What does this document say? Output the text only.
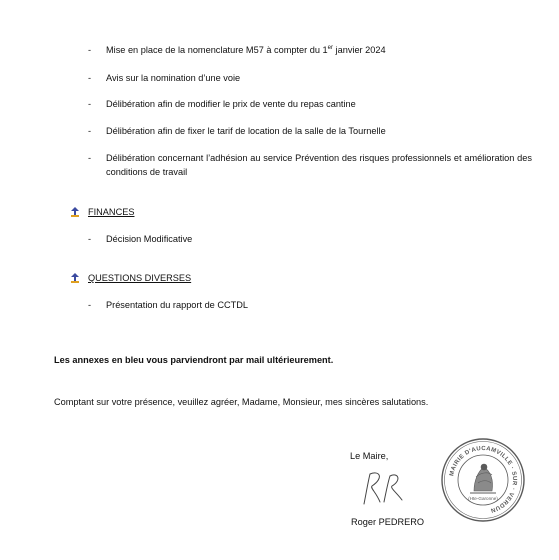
- Mise en place de la nomenclature M57 à compter du 1er janvier 2024
- Avis sur la nomination d’une voie
- Délibération afin de modifier le prix de vente du repas cantine
- Délibération afin de fixer le tarif de location de la salle de la Tournelle
- Délibération concernant l’adhésion au service Prévention des risques professionnels et amélioration des conditions de travail
FINANCES
- Décision Modificative
QUESTIONS DIVERSES
- Présentation du rapport de CCTDL
Les annexes en bleu vous parviendront par mail ultérieurement.
Comptant sur votre présence, veuillez agréer, Madame, Monsieur, mes sincères salutations.
Le Maire,
Roger PEDRERO
MAIRIE D'AUCAMVILLE · SUR · VERDUN
(Hte-Garonne)
